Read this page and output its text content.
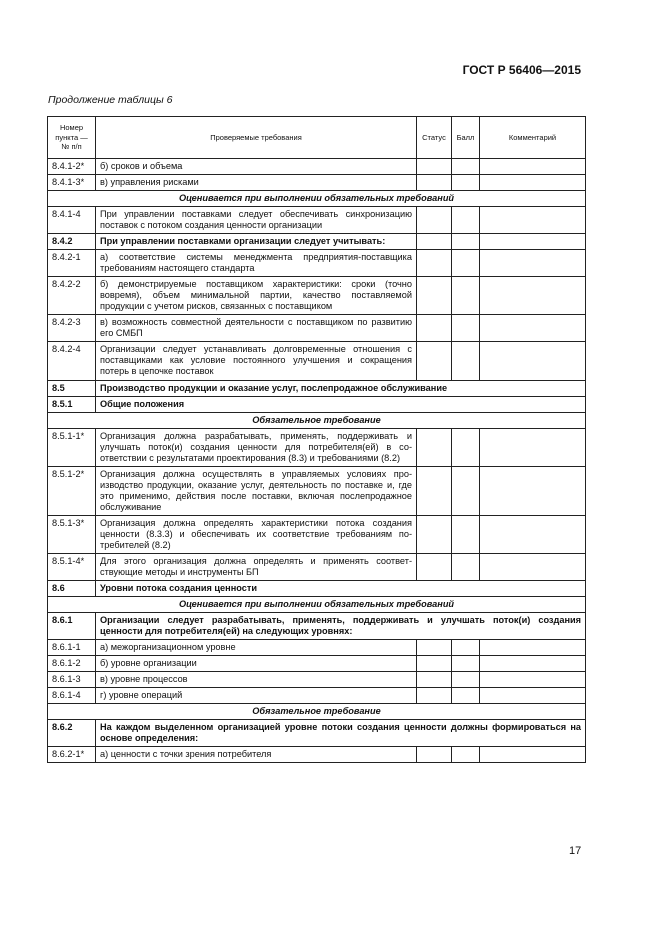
ГОСТ Р 56406—2015
Продолжение таблицы 6
Номер пункта — № п/п	Проверяемые требования	Статус	Балл	Комментарий
8.4.1-2*	б) сроков и объема			
8.4.1-3*	в) управления рисками			
Оценивается при выполнении обязательных требований				
8.4.1-4	При управлении поставками следует обеспечивать синхронизацию поставок с потоком создания ценности организации			
8.4.2	При управлении поставками организации следует учитывать:			
8.4.2-1	а) соответствие системы менеджмента предприятия-поставщика требованиям настоящего стандарта			
8.4.2-2	б) демонстрируемые поставщиком характеристики: сроки (точно вовремя), объем минимальной партии, качество поставляемой продукции с учетом рисков, связанных с поставщиком			
8.4.2-3	в) возможность совместной деятельности с поставщиком по развитию его СМБП			
8.4.2-4	Организации следует устанавливать долговременные отношения с поставщиками как условие постоянного улучшения и сокращения потерь в цепочке поставок			
8.5	Производство продукции и оказание услуг, послепродажное обслуживание			
8.5.1	Общие положения			
Обязательное требование				
8.5.1-1*	Организация должна разрабатывать, применять, поддерживать и улучшать поток(и) создания ценности для потребителя(ей) в соответствии с результатами проектирования (8.3) и требованиями (8.2)			
8.5.1-2*	Организация должна осуществлять в управляемых условиях производство продукции, оказание услуг, деятельность по поставке и, где это применимо, действия после поставки, включая послепродажное обслуживание			
8.5.1-3*	Организация должна определять характеристики потока создания ценности (8.3.3) и обеспечивать их соответствие требованиям потребителей (8.2)			
8.5.1-4*	Для этого организация должна определять и применять соответствующие методы и инструменты БП			
8.6	Уровни потока создания ценности			
Оценивается при выполнении обязательных требований				
8.6.1	Организации следует разрабатывать, применять, поддерживать и улучшать поток(и) создания ценности для потребителя(ей) на следующих уровнях:			
8.6.1-1	а) межорганизационном уровне			
8.6.1-2	б) уровне организации			
8.6.1-3	в) уровне процессов			
8.6.1-4	г) уровне операций			
Обязательное требование				
8.6.2	На каждом выделенном организацией уровне потоки создания ценности должны формироваться на основе определения:			
8.6.2-1*	а) ценности с точки зрения потребителя			
17
